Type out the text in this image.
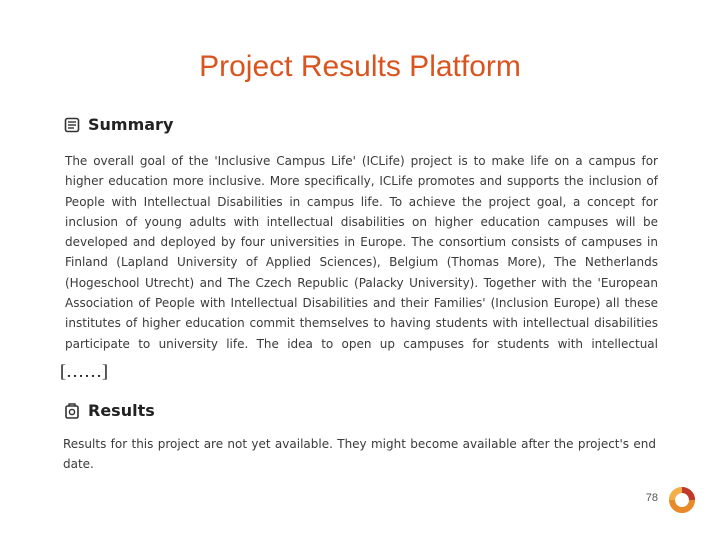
Project Results Platform
Summary
The overall goal of the 'Inclusive Campus Life' (ICLife) project is to make life on a campus for higher education more inclusive. More specifically, ICLife promotes and supports the inclusion of People with Intellectual Disabilities in campus life. To achieve the project goal, a concept for inclusion of young adults with intellectual disabilities on higher education campuses will be developed and deployed by four universities in Europe. The consortium consists of campuses in Finland (Lapland University of Applied Sciences), Belgium (Thomas More), The Netherlands (Hogeschool Utrecht) and The Czech Republic (Palacky University). Together with the 'European Association of People with Intellectual Disabilities and their Families' (Inclusion Europe) all these institutes of higher education commit themselves to having students with intellectual disabilities participate to university life. The idea to open up campuses for students with intellectual
[……]
Results
Results for this project are not yet available. They might become available after the project's end date.
78
